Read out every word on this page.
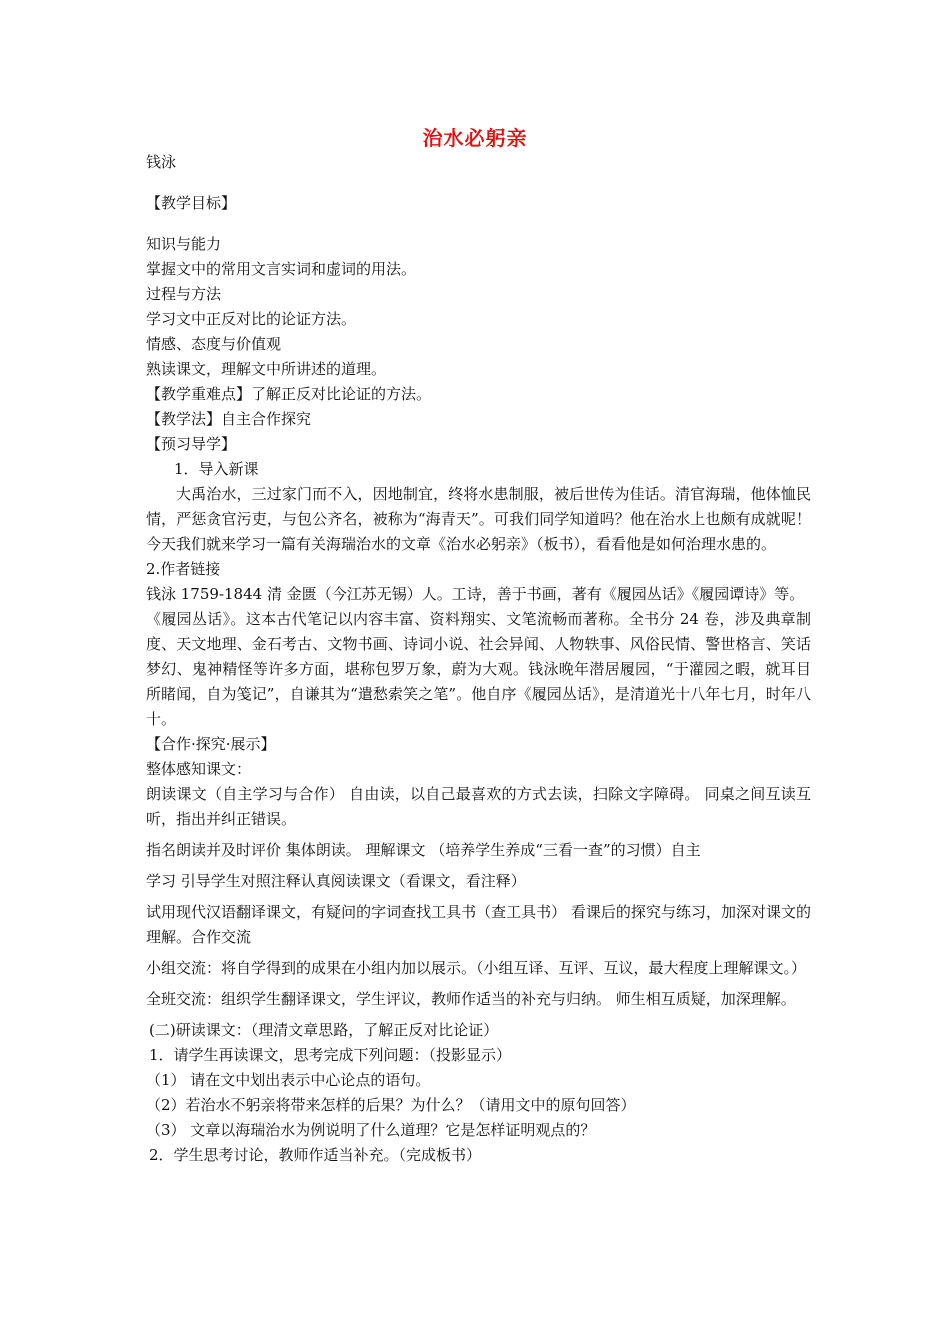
治水必躬亲
钱泳
【教学目标】
知识与能力
掌握文中的常用文言实词和虚词的用法。
过程与方法
学习文中正反对比的论证方法。
情感、态度与价值观
熟读课文，理解文中所讲述的道理。
【教学重难点】了解正反对比论证的方法。
【教学法】自主合作探究
【预习导学】
1．导入新课
大禹治水，三过家门而不入，因地制宜，终将水患制服，被后世传为佳话。清官海瑞，他体恤民情，严惩贪官污吏，与包公齐名，被称为“海青天”。可我们同学知道吗？他在治水上也颇有成就呢！今天我们就来学习一篇有关海瑞治水的文章《治水必躬亲》（板书），看看他是如何治理水患的。
2.作者链接
钱泳 1759-1844 清 金匮（今江苏无锡）人。工诗，善于书画，著有《履园丛话》《履园谭诗》等。
《履园丛话》。这本古代笔记以内容丰富、资料翔实、文笔流畅而著称。全书分 24 卷，涉及典章制度、天文地理、金石考古、文物书画、诗词小说、社会异闻、人物轶事、风俗民情、警世格言、笑话梦幻、鬼神精怪等许多方面，堪称包罗万象，蔚为大观。钱泳晚年潜居履园，“于灌园之暇，就耳目所睹闻，自为笺记”，自谦其为“遣愁索笑之笔”。他自序《履园丛话》，是清道光十八年七月，时年八十。
【合作·探究·展示】
整体感知课文：
朗读课文（自主学习与合作） 自由读，以自己最喜欢的方式去读，扫除文字障碍。 同桌之间互读互听，指出并纠正错误。
指名朗读并及时评价 集体朗读。 理解课文 （培养学生养成“三看一查”的习惯）自主
学习 引导学生对照注释认真阅读课文（看课文，看注释）
试用现代汉语翻译课文，有疑问的字词查找工具书（查工具书） 看课后的探究与练习，加深对课文的理解。合作交流
小组交流：将自学得到的成果在小组内加以展示。（小组互译、互评、互议，最大程度上理解课文。）
全班交流：组织学生翻译课文，学生评议，教师作适当的补充与归纳。 师生相互质疑，加深理解。
(二)研读课文：（理清文章思路，了解正反对比论证）
1．请学生再读课文，思考完成下列问题：（投影显示）
（1） 请在文中划出表示中心论点的语句。
（2）若治水不躬亲将带来怎样的后果？为什么？（请用文中的原句回答）
（3） 文章以海瑞治水为例说明了什么道理？它是怎样证明观点的？
2．学生思考讨论，教师作适当补充。（完成板书）
